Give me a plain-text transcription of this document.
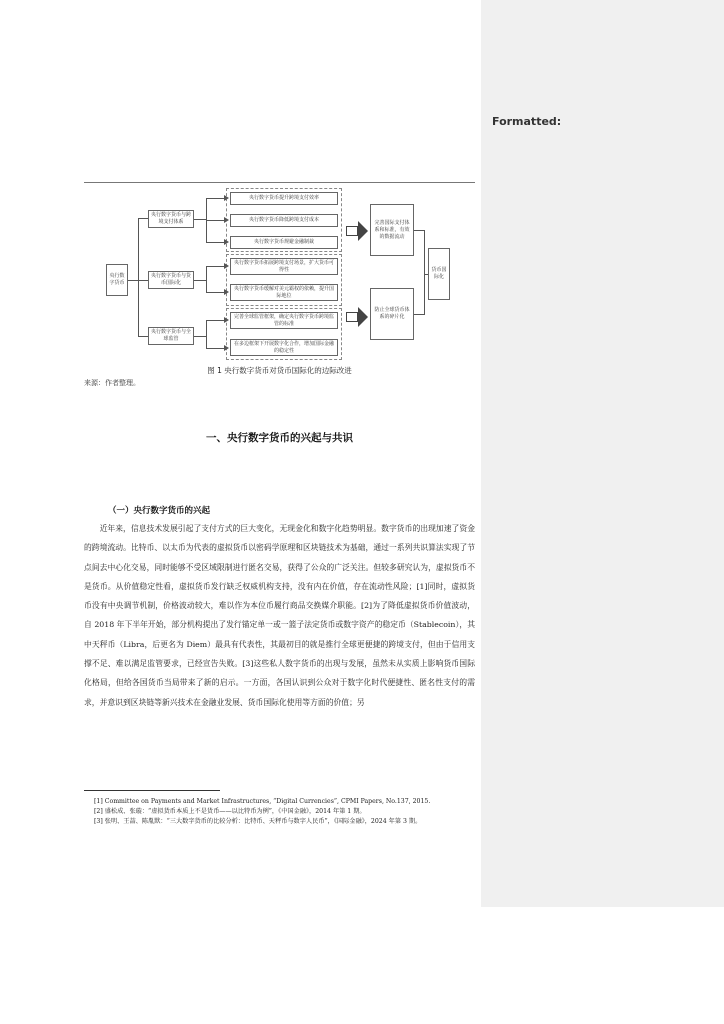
Formatted:
央行数字货币
央行数字货币与跨境支付体系
央行数字货币与货币国际化
央行数字货币与全球监管
央行数字货币提升跨境支付效率
央行数字货币降低跨境支付成本
央行数字货币规避金融制裁
央行数字货币拓展跨境支付场景，扩大货币可得性
央行数字货币缓解对美元霸权的依赖，提升国际地位
完善全球监管框架，确定央行数字货币跨境监管的标准
在多边框架下开展数字化合作，增加国际金融的稳定性
完善国际支付体系和标准，有效的数据流动
防止全球货币体系的碎片化
货币国际化
图 1 央行数字货币对货币国际化的边际改进
来源：作者整理。
一、央行数字货币的兴起与共识
（一）央行数字货币的兴起

近年来，信息技术发展引起了支付方式的巨大变化，无现金化和数字化趋势明显。数字货币的出现加速了资金的跨境流动。比特币、以太币为代表的虚拟货币以密码学原理和区块链技术为基础，通过一系列共识算法实现了节点间去中心化交易，同时能够不受区域限制进行匿名交易，获得了公众的广泛关注。但较多研究认为，虚拟货币不是货币。从价值稳定性看，虚拟货币发行缺乏权威机构支持，没有内在价值，存在流动性风险；[1]同时，虚拟货币没有中央调节机制，价格波动较大，难以作为本位币履行商品交换媒介职能。[2]为了降低虚拟货币价值波动，自 2018 年下半年开始，部分机构提出了发行锚定单一或一篮子法定货币或数字资产的稳定币（Stablecoin），其中天秤币（Libra，后更名为 Diem）最具有代表性，其最初目的就是推行全球更便捷的跨境支付，但由于信用支撑不足、难以满足监管要求，已经宣告失败。[3]这些私人数字货币的出现与发展，虽然未从实质上影响货币国际化格局，但给各国货币当局带来了新的启示。一方面，各国认识到公众对于数字化时代便捷性、匿名性支付的需求，并意识到区块链等新兴技术在金融业发展、货币国际化使用等方面的价值；另

[1] Committee on Payments and Market Infrastructures, “Digital Currencies”, CPMI Papers, No.137, 2015.
[2] 盛松成、张璇：“虚拟货币本质上不是货币——以比特币为例”，《中国金融》，2014 年第 1 期。
[3] 张明、王喆、陈胤默：“三大数字货币的比较分析：比特币、天秤币与数字人民币”，《国际金融》，2024 年第 3 期。
